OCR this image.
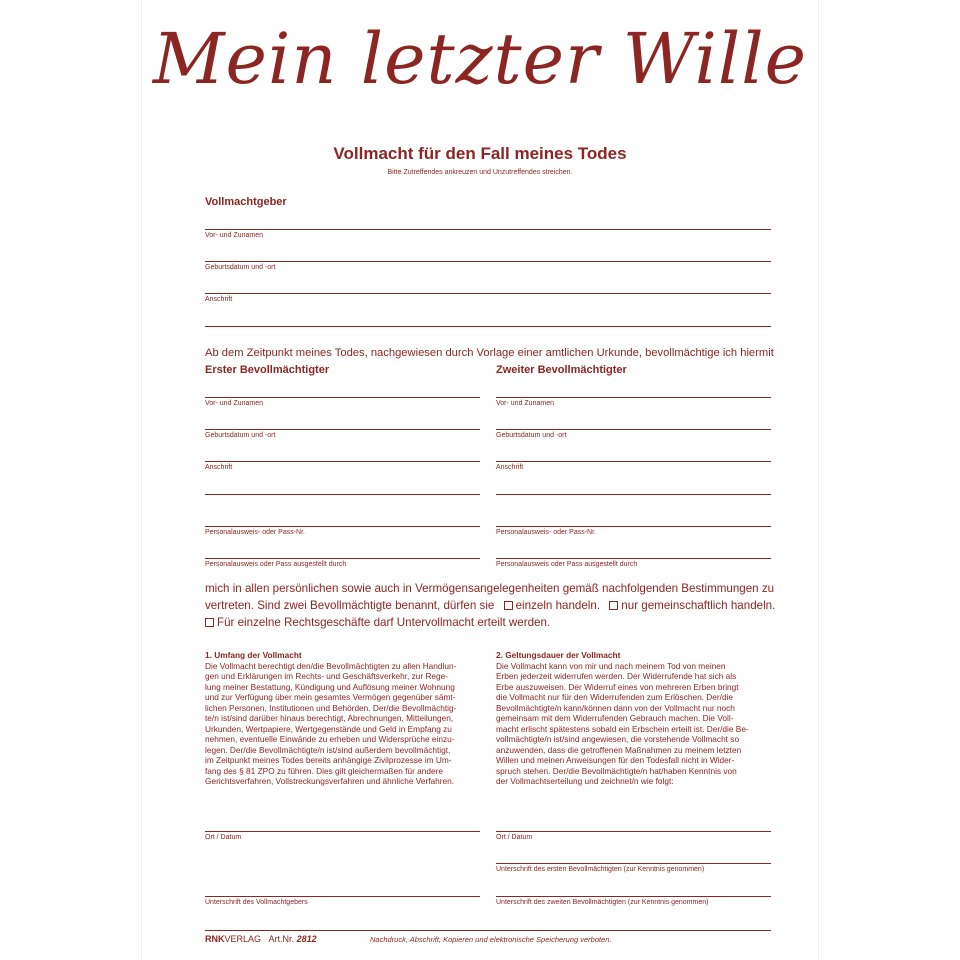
Mein letzter Wille
Vollmacht für den Fall meines Todes
Bitte Zutreffendes ankreuzen und Unzutreffendes streichen.
Vollmachtgeber
Vor- und Zunamen
Geburtsdatum und -ort
Anschrift
Ab dem Zeitpunkt meines Todes, nachgewiesen durch Vorlage einer amtlichen Urkunde, bevollmächtige ich hiermit
Erster Bevollmächtigter
Vor- und Zunamen
Geburtsdatum und -ort
Anschrift
Personalausweis- oder Pass-Nr.
Personalausweis oder Pass ausgestellt durch
Zweiter Bevollmächtigter
Vor- und Zunamen
Geburtsdatum und -ort
Anschrift
Personalausweis- oder Pass-Nr.
Personalausweis oder Pass ausgestellt durch
mich in allen persönlichen sowie auch in Vermögensangelegenheiten gemäß nachfolgenden Bestimmungen zu
vertreten. Sind zwei Bevollmächtigte benannt, dürfen sie einzeln handeln. nur gemeinschaftlich handeln.
Für einzelne Rechtsgeschäfte darf Untervollmacht erteilt werden.
1. Umfang der Vollmacht
Die Vollmacht berechtigt den/die Bevollmächtigten zu allen Handlun-
gen und Erklärungen im Rechts- und Geschäftsverkehr, zur Rege-
lung meiner Bestattung, Kündigung und Auflösung meiner Wohnung
und zur Verfügung über mein gesamtes Vermögen gegenüber sämt-
lichen Personen, Institutionen und Behörden. Der/die Bevollmächtig-
te/n ist/sind darüber hinaus berechtigt, Abrechnungen, Mitteilungen,
Urkunden, Wertpapiere, Wertgegenstände und Geld in Empfang zu
nehmen, eventuelle Einwände zu erheben und Widersprüche einzu-
legen. Der/die Bevollmächtigte/n ist/sind außerdem bevollmächtigt,
im Zeitpunkt meines Todes bereits anhängige Zivilprozesse im Um-
fang des § 81 ZPO zu führen. Dies gilt gleichermaßen für andere
Gerichtsverfahren, Vollstreckungsverfahren und ähnliche Verfahren.
2. Geltungsdauer der Vollmacht
Die Vollmacht kann von mir und nach meinem Tod von meinen
Erben jederzeit widerrufen werden. Der Widerrufende hat sich als
Erbe auszuweisen. Der Widerruf eines von mehreren Erben bringt
die Vollmacht nur für den Widerrufenden zum Erlöschen. Der/die
Bevollmächtigte/n kann/können dann von der Vollmacht nur noch
gemeinsam mit dem Widerrufenden Gebrauch machen. Die Voll-
macht erlischt spätestens sobald ein Erbschein erteilt ist. Der/die Be-
vollmächtigte/n ist/sind angewiesen, die vorstehende Vollmacht so
anzuwenden, dass die getroffenen Maßnahmen zu meinem letzten
Willen und meinen Anweisungen für den Todesfall nicht in Wider-
spruch stehen. Der/die Bevollmächtigte/n hat/haben Kenntnis von
der Vollmachtserteilung und zeichnet/n wie folgt:
Ort / Datum
Unterschrift des Vollmachtgebers
Ort / Datum
Unterschrift des ersten Bevollmächtigten (zur Kenntnis genommen)
Unterschrift des zweiten Bevollmächtigten (zur Kenntnis genommen)
RNKVERLAG Art.Nr. 2812	Nachdruck, Abschrift, Kopieren und elektronische Speicherung verboten.
